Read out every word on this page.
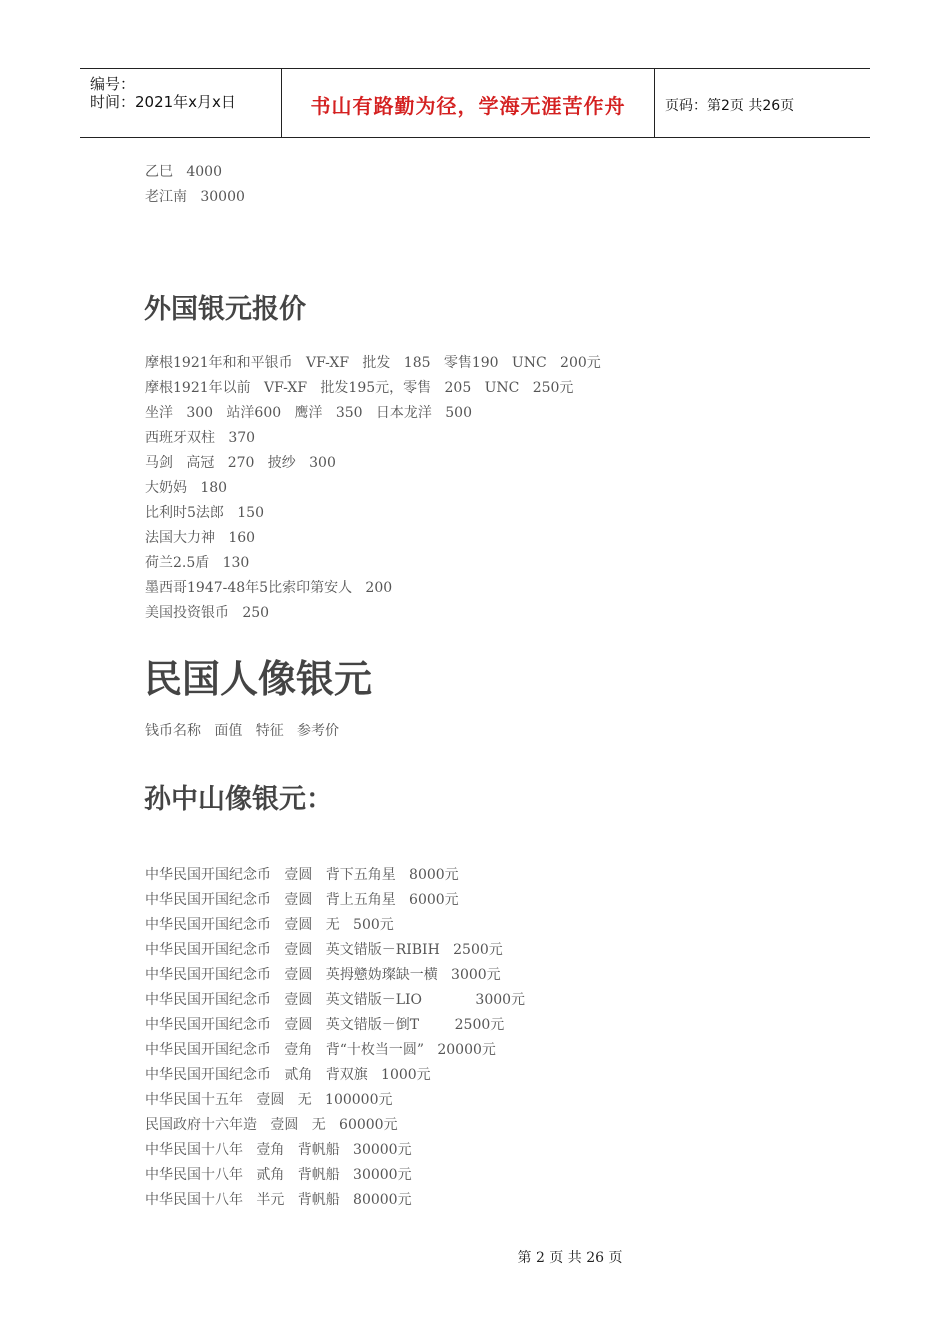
编号：
时间：2021年x月x日	书山有路勤为径，学海无涯苦作舟	页码：第2页 共26页
乙巳   4000
老江南   30000
外国银元报价
摩根1921年和和平银币   VF-XF   批发   185   零售190   UNC   200元
摩根1921年以前   VF-XF   批发195元，零售   205   UNC   250元
坐洋   300   站洋600   鹰洋   350   日本龙洋   500
西班牙双柱   370
马剑   高冠   270   披纱   300
大奶妈   180
比利时5法郎   150
法国大力神   160
荷兰2.5盾   130
墨西哥1947-48年5比索印第安人   200
美国投资银币   250
民国人像银元
钱币名称   面值   特征   参考价
孙中山像银元：
中华民国开国纪念币   壹圆   背下五角星   8000元
中华民国开国纪念币   壹圆   背上五角星   6000元
中华民国开国纪念币   壹圆   无   500元
中华民国开国纪念币   壹圆   英文错版－RIBIH   2500元
中华民国开国纪念币   壹圆   英拇戆妫璨缺一横   3000元
中华民国开国纪念币   壹圆   英文错版－LIO            3000元
中华民国开国纪念币   壹圆   英文错版－倒T        2500元
中华民国开国纪念币   壹角   背“十枚当一圆”   20000元
中华民国开国纪念币   贰角   背双旗   1000元
中华民国十五年   壹圆   无   100000元
民国政府十六年造   壹圆   无   60000元
中华民国十八年   壹角   背帆船   30000元
中华民国十八年   贰角   背帆船   30000元
中华民国十八年   半元   背帆船   80000元
第 2 页 共 26 页
